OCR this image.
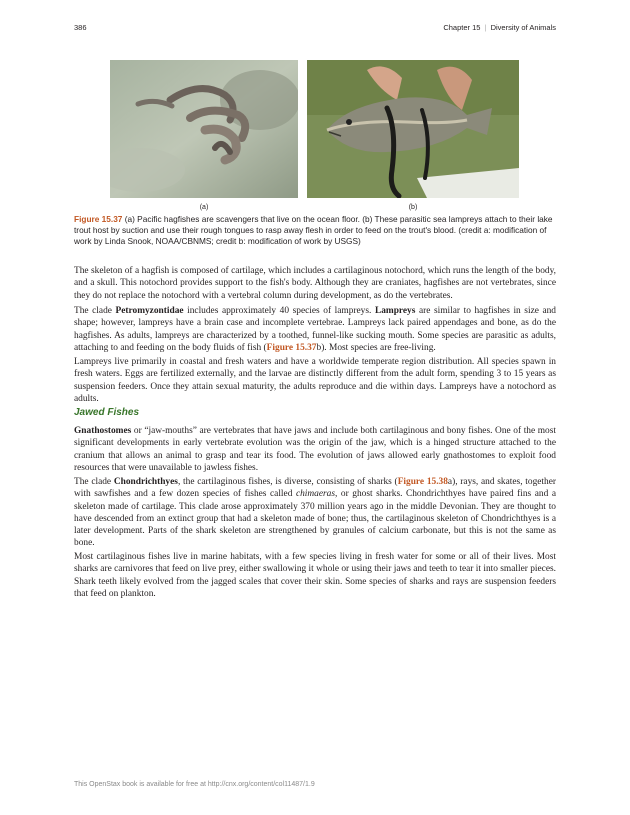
386	Chapter 15 | Diversity of Animals
(a)	(b)
Figure 15.37 (a) Pacific hagfishes are scavengers that live on the ocean floor. (b) These parasitic sea lampreys attach to their lake trout host by suction and use their rough tongues to rasp away flesh in order to feed on the trout's blood. (credit a: modification of work by Linda Snook, NOAA/CBNMS; credit b: modification of work by USGS)

The skeleton of a hagfish is composed of cartilage, which includes a cartilaginous notochord, which runs the length of the body, and a skull. This notochord provides support to the fish's body. Although they are craniates, hagfishes are not vertebrates, since they do not replace the notochord with a vertebral column during development, as do the vertebrates.

The clade Petromyzontidae includes approximately 40 species of lampreys. Lampreys are similar to hagfishes in size and shape; however, lampreys have a brain case and incomplete vertebrae. Lampreys lack paired appendages and bone, as do the hagfishes. As adults, lampreys are characterized by a toothed, funnel-like sucking mouth. Some species are parasitic as adults, attaching to and feeding on the body fluids of fish (Figure 15.37b). Most species are free-living.

Lampreys live primarily in coastal and fresh waters and have a worldwide temperate region distribution. All species spawn in fresh waters. Eggs are fertilized externally, and the larvae are distinctly different from the adult form, spending 3 to 15 years as suspension feeders. Once they attain sexual maturity, the adults reproduce and die within days. Lampreys have a notochord as adults.

Jawed Fishes

Gnathostomes or “jaw-mouths” are vertebrates that have jaws and include both cartilaginous and bony fishes. One of the most significant developments in early vertebrate evolution was the origin of the jaw, which is a hinged structure attached to the cranium that allows an animal to grasp and tear its food. The evolution of jaws allowed early gnathostomes to exploit food resources that were unavailable to jawless fishes.

The clade Chondrichthyes, the cartilaginous fishes, is diverse, consisting of sharks (Figure 15.38a), rays, and skates, together with sawfishes and a few dozen species of fishes called chimaeras, or ghost sharks. Chondrichthyes have paired fins and a skeleton made of cartilage. This clade arose approximately 370 million years ago in the middle Devonian. They are thought to have descended from an extinct group that had a skeleton made of bone; thus, the cartilaginous skeleton of Chondrichthyes is a later development. Parts of the shark skeleton are strengthened by granules of calcium carbonate, but this is not the same as bone.

Most cartilaginous fishes live in marine habitats, with a few species living in fresh water for some or all of their lives. Most sharks are carnivores that feed on live prey, either swallowing it whole or using their jaws and teeth to tear it into smaller pieces. Shark teeth likely evolved from the jagged scales that cover their skin. Some species of sharks and rays are suspension feeders that feed on plankton.

This OpenStax book is available for free at http://cnx.org/content/col11487/1.9
